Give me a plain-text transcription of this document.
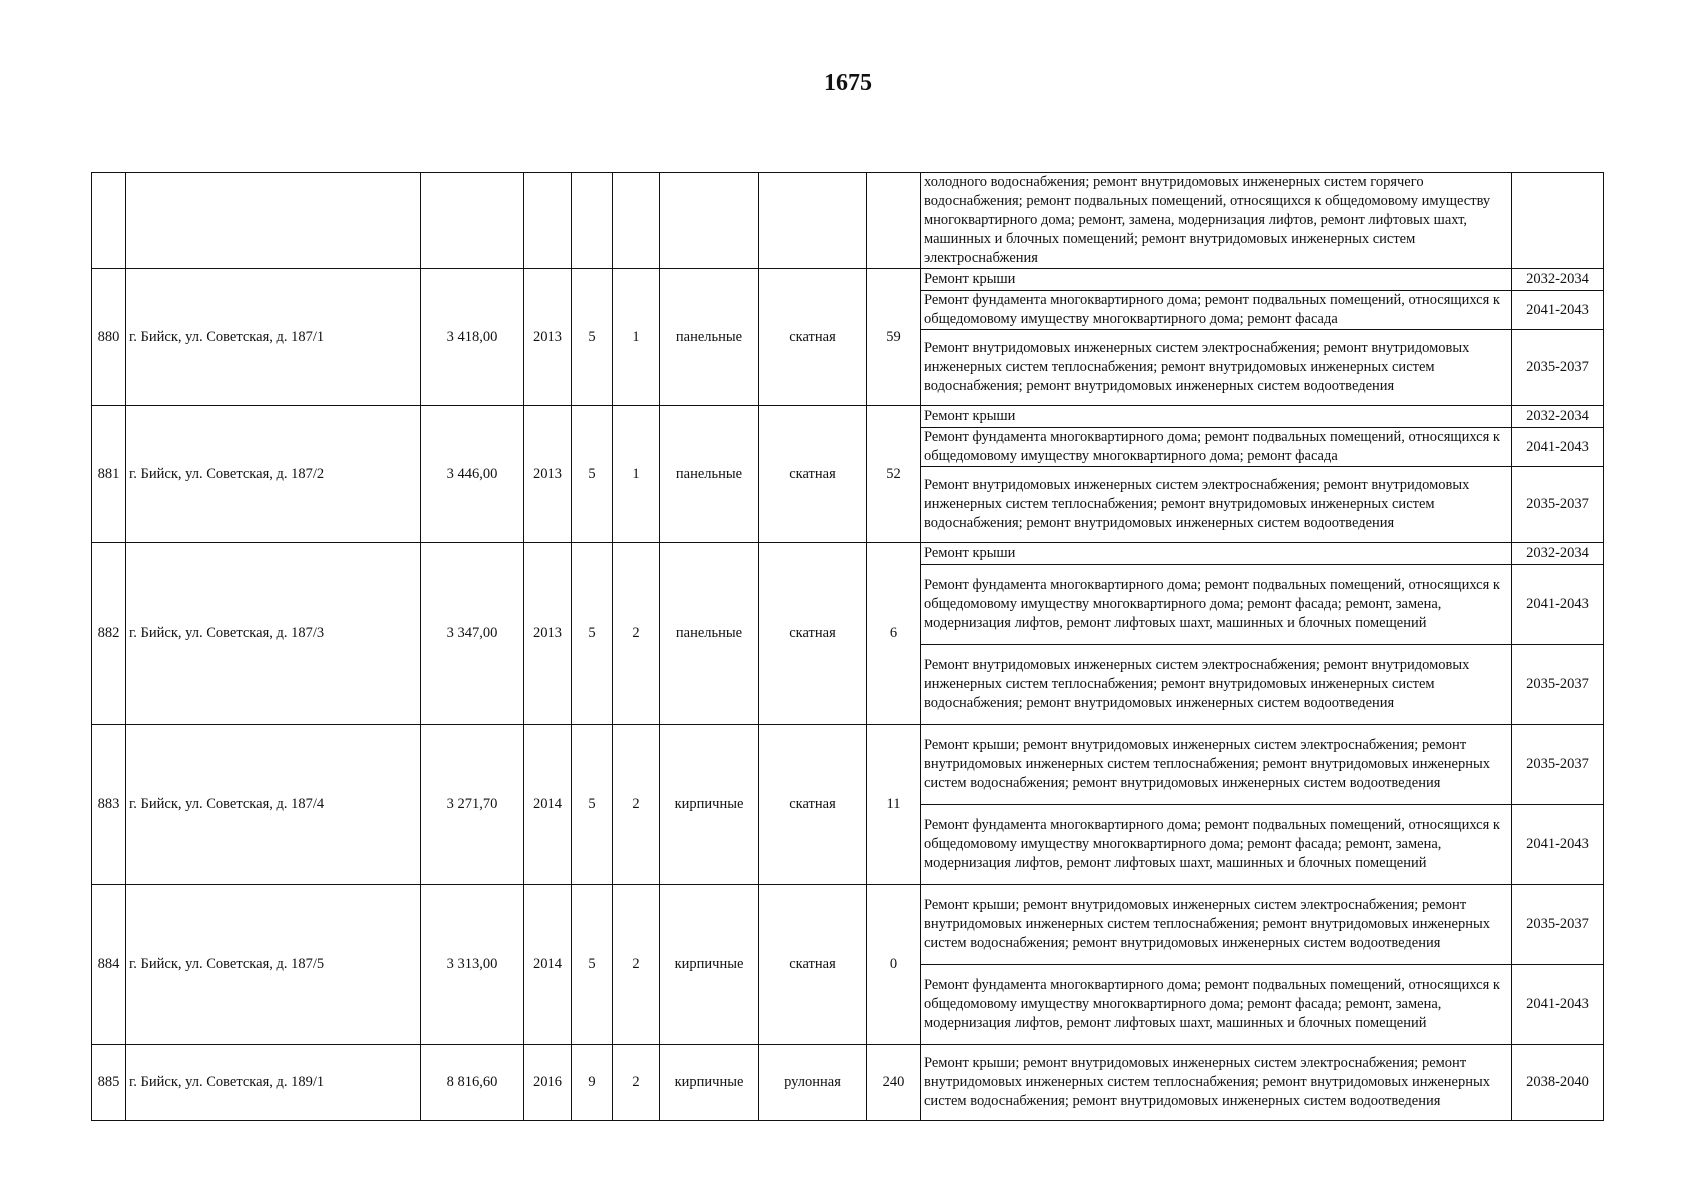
1675
									холодного водоснабжения; ремонт внутридомовых инженерных систем горячего водоснабжения; ремонт подвальных помещений, относящихся к общедомовому имуществу многоквартирного дома; ремонт, замена, модернизация лифтов, ремонт лифтовых шахт, машинных и блочных помещений; ремонт внутридомовых инженерных систем электроснабжения	
880	г. Бийск, ул. Советская, д. 187/1	3 418,00	2013	5	1	панельные	скатная	59	Ремонт крыши	2032-2034
									Ремонт фундамента многоквартирного дома; ремонт подвальных помещений, относящихся к общедомовому имуществу многоквартирного дома; ремонт фасада	2041-2043
									Ремонт внутридомовых инженерных систем электроснабжения; ремонт внутридомовых инженерных систем теплоснабжения; ремонт внутридомовых инженерных систем водоснабжения; ремонт внутридомовых инженерных систем водоотведения	2035-2037
881	г. Бийск, ул. Советская, д. 187/2	3 446,00	2013	5	1	панельные	скатная	52	Ремонт крыши	2032-2034
									Ремонт фундамента многоквартирного дома; ремонт подвальных помещений, относящихся к общедомовому имуществу многоквартирного дома; ремонт фасада	2041-2043
									Ремонт внутридомовых инженерных систем электроснабжения; ремонт внутридомовых инженерных систем теплоснабжения; ремонт внутридомовых инженерных систем водоснабжения; ремонт внутридомовых инженерных систем водоотведения	2035-2037
882	г. Бийск, ул. Советская, д. 187/3	3 347,00	2013	5	2	панельные	скатная	6	Ремонт крыши	2032-2034
									Ремонт фундамента многоквартирного дома; ремонт подвальных помещений, относящихся к общедомовому имуществу многоквартирного дома; ремонт фасада; ремонт, замена, модернизация лифтов, ремонт лифтовых шахт, машинных и блочных помещений	2041-2043
									Ремонт внутридомовых инженерных систем электроснабжения; ремонт внутридомовых инженерных систем теплоснабжения; ремонт внутридомовых инженерных систем водоснабжения; ремонт внутридомовых инженерных систем водоотведения	2035-2037
883	г. Бийск, ул. Советская, д. 187/4	3 271,70	2014	5	2	кирпичные	скатная	11	Ремонт крыши; ремонт внутридомовых инженерных систем электроснабжения; ремонт внутридомовых инженерных систем теплоснабжения; ремонт внутридомовых инженерных систем водоснабжения; ремонт внутридомовых инженерных систем водоотведения	2035-2037
									Ремонт фундамента многоквартирного дома; ремонт подвальных помещений, относящихся к общедомовому имуществу многоквартирного дома; ремонт фасада; ремонт, замена, модернизация лифтов, ремонт лифтовых шахт, машинных и блочных помещений	2041-2043
884	г. Бийск, ул. Советская, д. 187/5	3 313,00	2014	5	2	кирпичные	скатная	0	Ремонт крыши; ремонт внутридомовых инженерных систем электроснабжения; ремонт внутридомовых инженерных систем теплоснабжения; ремонт внутридомовых инженерных систем водоснабжения; ремонт внутридомовых инженерных систем водоотведения	2035-2037
									Ремонт фундамента многоквартирного дома; ремонт подвальных помещений, относящихся к общедомовому имуществу многоквартирного дома; ремонт фасада; ремонт, замена, модернизация лифтов, ремонт лифтовых шахт, машинных и блочных помещений	2041-2043
885	г. Бийск, ул. Советская, д. 189/1	8 816,60	2016	9	2	кирпичные	рулонная	240	Ремонт крыши; ремонт внутридомовых инженерных систем электроснабжения; ремонт внутридомовых инженерных систем теплоснабжения; ремонт внутридомовых инженерных систем водоснабжения; ремонт внутридомовых инженерных систем водоотведения	2038-2040
